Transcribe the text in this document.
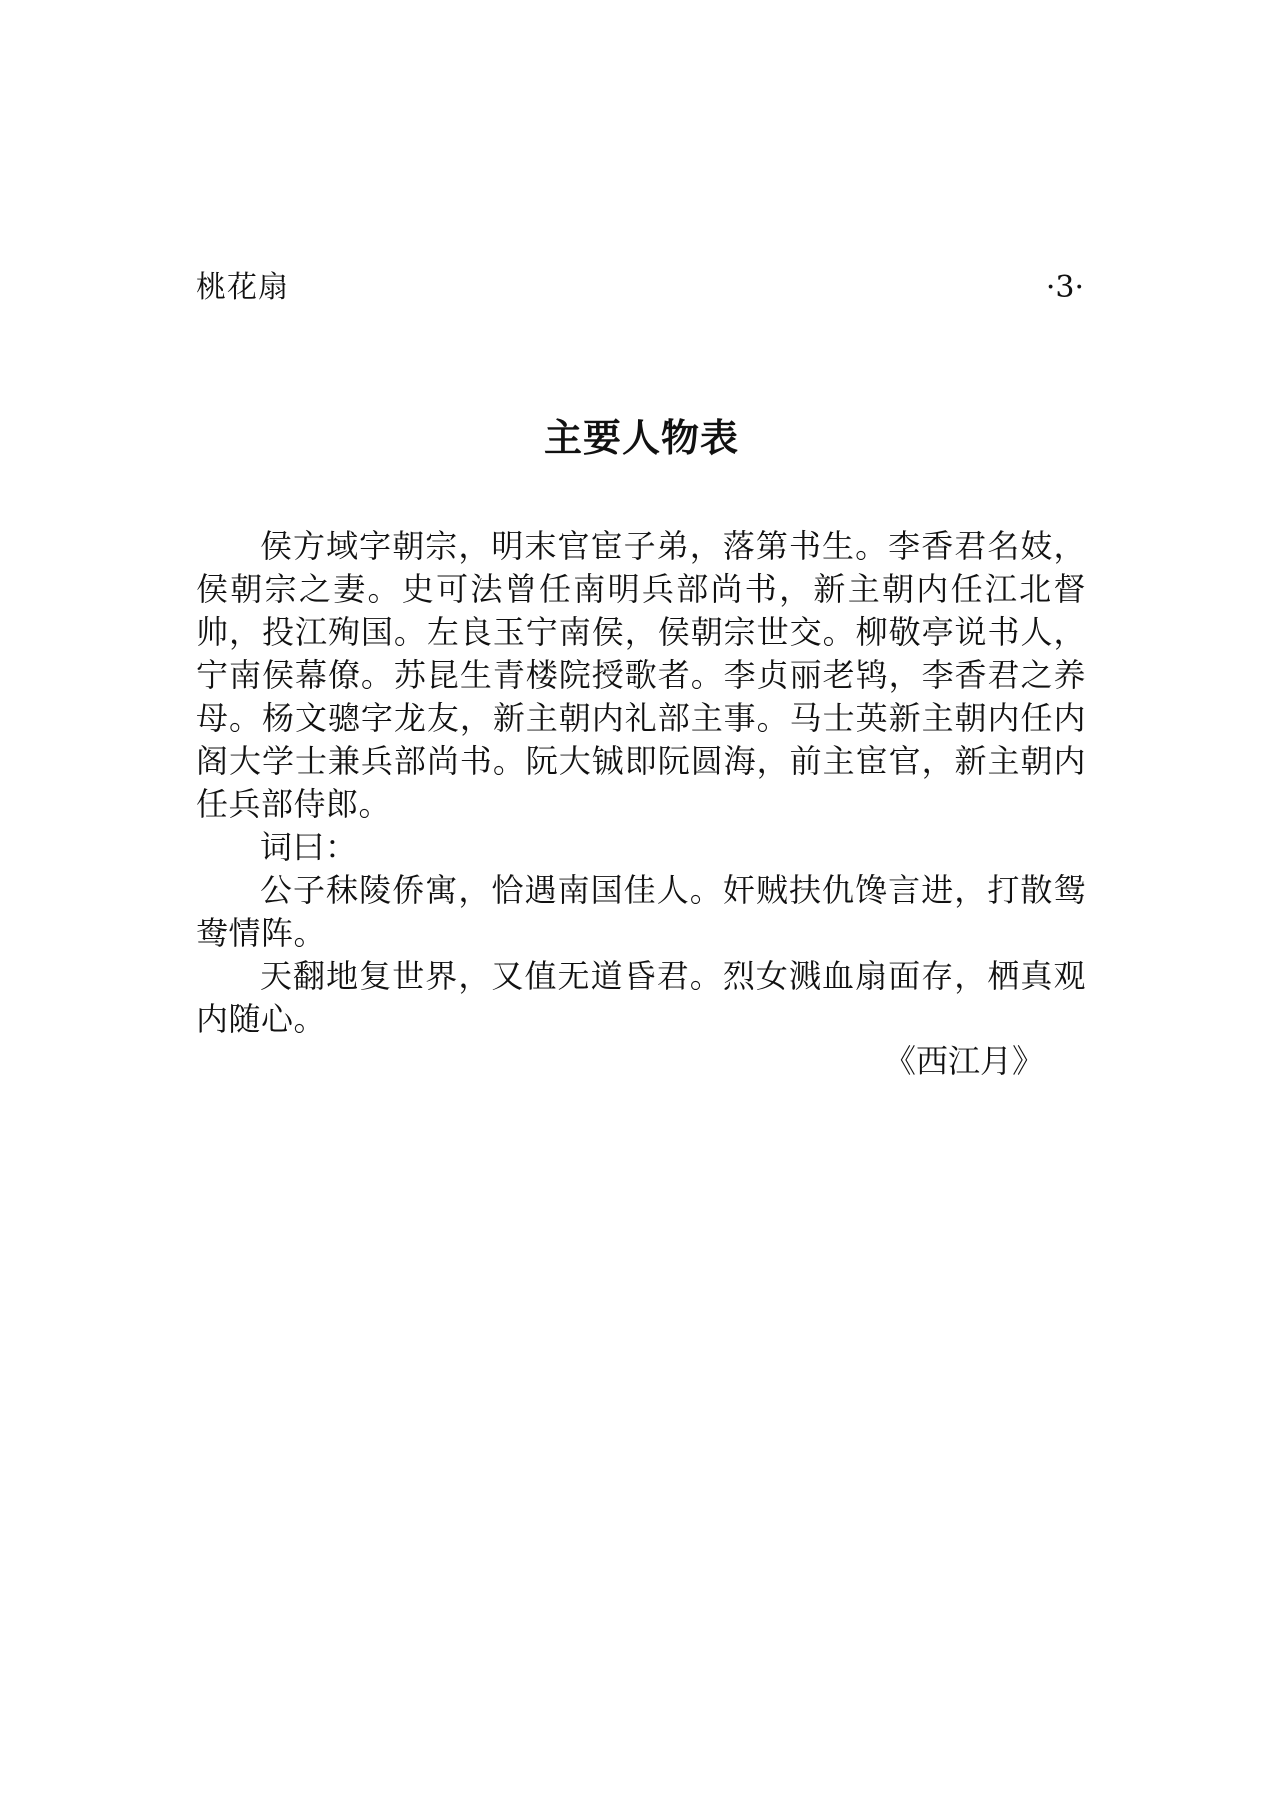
桃花扇	·3·
主要人物表

侯方域字朝宗，明末官宦子弟，落第书生。李香君名妓，侯朝宗之妻。史可法曾任南明兵部尚书，新主朝内任江北督帅，投江殉国。左良玉宁南侯，侯朝宗世交。柳敬亭说书人，宁南侯幕僚。苏昆生青楼院授歌者。李贞丽老鸨，李香君之养母。杨文骢字龙友，新主朝内礼部主事。马士英新主朝内任内阁大学士兼兵部尚书。阮大铖即阮圆海，前主宦官，新主朝内任兵部侍郎。

词曰：

公子秣陵侨寓，恰遇南国佳人。奸贼扶仇馋言进，打散鸳鸯情阵。

天翻地复世界，又值无道昏君。烈女溅血扇面存，栖真观内随心。

《西江月》
